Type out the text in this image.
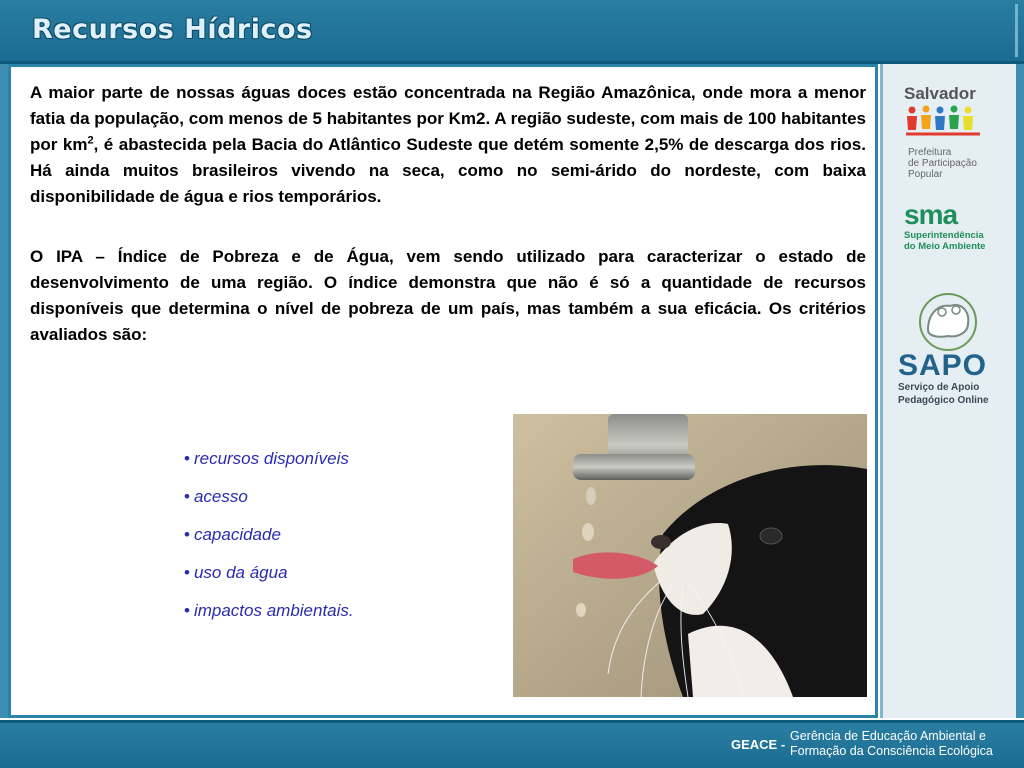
Recursos Hídricos

A maior parte de nossas águas doces estão concentrada na Região Amazônica, onde mora a menor fatia da população, com menos de 5 habitantes por Km2. A região sudeste, com mais de 100 habitantes por $km^2$, é abastecida pela Bacia do Atlântico Sudeste que detém somente 2,5% de descarga dos rios. Há ainda muitos brasileiros vivendo na seca, como no semi-árido do nordeste, com baixa disponibilidade de água e rios temporários.

O IPA – Índice de Pobreza e de Água, vem sendo utilizado para caracterizar o estado de desenvolvimento de uma região. O índice demonstra que não é só a quantidade de recursos disponíveis que determina o nível de pobreza de um país, mas também a sua eficácia. Os critérios avaliados são:

• recursos disponíveis
• acesso
• capacidade
• uso da água
• impactos ambientais.
Salvador
Prefeitura
de Participação
Popular
sma
Superintendência
do Meio Ambiente
SAPO
Serviço de Apoio
Pedagógico Online
GEACE -
Gerência de Educação Ambiental e
Formação da Consciência Ecológica
